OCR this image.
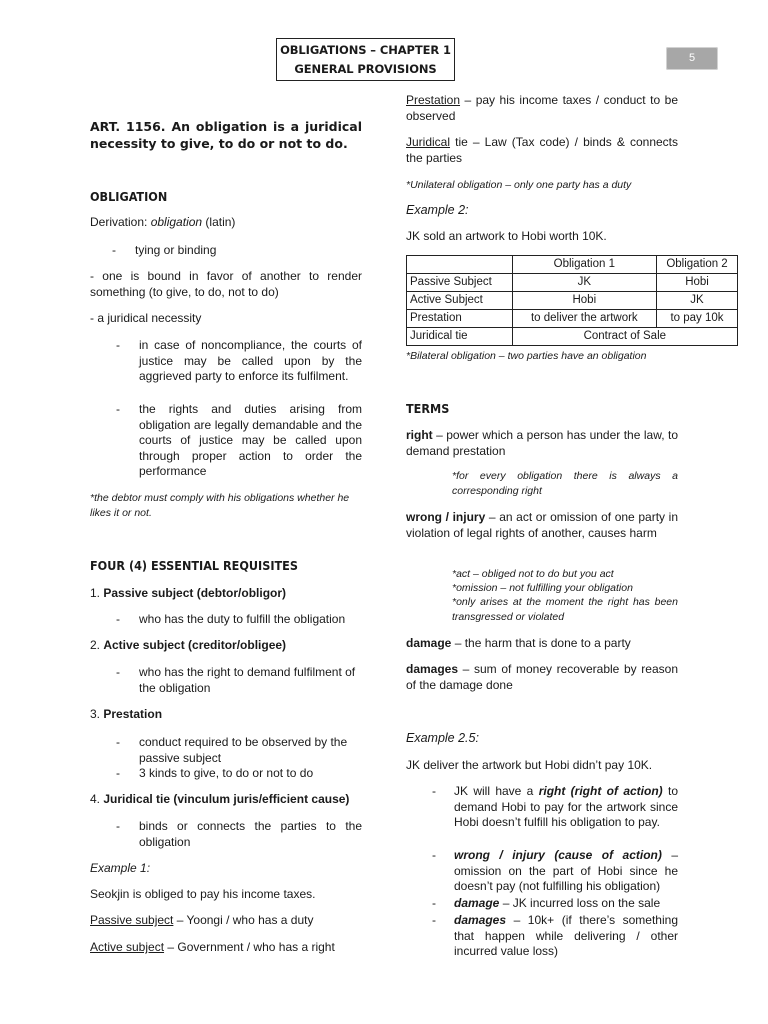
OBLIGATIONS – CHAPTER 1
GENERAL PROVISIONS
5
ART. 1156. An obligation is a juridical necessity to give, to do or not to do.
OBLIGATION
Derivation: obligation (latin)
- tying or binding
- one is bound in favor of another to render something (to give, to do, not to do)
- a juridical necessity
- in case of noncompliance, the courts of justice may be called upon by the aggrieved party to enforce its fulfilment.
- the rights and duties arising from obligation are legally demandable and the courts of justice may be called upon through proper action to order the performance
*the debtor must comply with his obligations whether he likes it or not.
FOUR (4) ESSENTIAL REQUISITES
1. Passive subject (debtor/obligor)
- who has the duty to fulfill the obligation
2. Active subject (creditor/obligee)
- who has the right to demand fulfilment of the obligation
3. Prestation
- conduct required to be observed by the passive subject
- 3 kinds to give, to do or not to do
4. Juridical tie (vinculum juris/efficient cause)
- binds or connects the parties to the obligation
Example 1:
Seokjin is obliged to pay his income taxes.
Passive subject – Yoongi / who has a duty
Active subject – Government / who has a right
Prestation – pay his income taxes / conduct to be observed
Juridical tie – Law (Tax code) / binds & connects the parties
*Unilateral obligation – only one party has a duty
Example 2:
JK sold an artwork to Hobi worth 10K.
	Obligation 1	Obligation 2
Passive Subject	JK	Hobi
Active Subject	Hobi	JK
Prestation	to deliver the artwork	to pay 10k
Juridical tie	Contract of Sale	
*Bilateral obligation – two parties have an obligation
TERMS
right – power which a person has under the law, to demand prestation
*for every obligation there is always a corresponding right
wrong / injury – an act or omission of one party in violation of legal rights of another, causes harm
*act – obliged not to do but you act
*omission – not fulfilling your obligation
*only arises at the moment the right has been transgressed or violated
damage – the harm that is done to a party
damages – sum of money recoverable by reason of the damage done
Example 2.5:
JK deliver the artwork but Hobi didn’t pay 10K.
- JK will have a right (right of action) to demand Hobi to pay for the artwork since Hobi doesn’t fulfill his obligation to pay.
- wrong / injury (cause of action) – omission on the part of Hobi since he doesn’t pay (not fulfilling his obligation)
- damage – JK incurred loss on the sale
- damages – 10k+ (if there’s something that happen while delivering / other incurred value loss)
